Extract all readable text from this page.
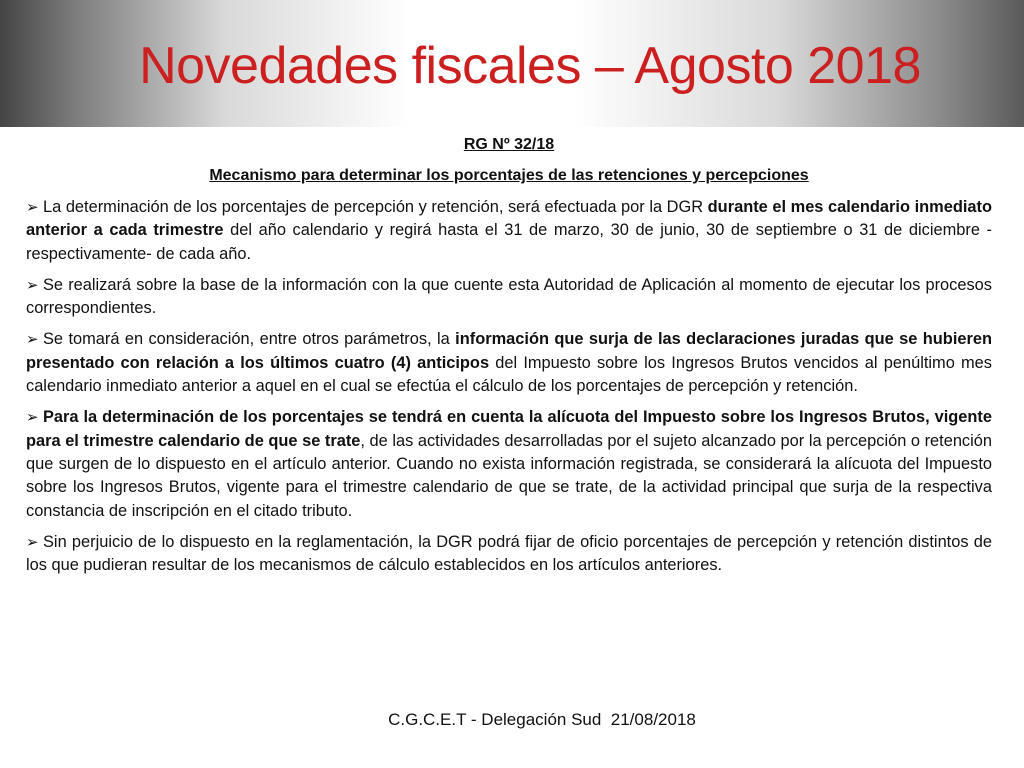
Novedades fiscales – Agosto 2018

RG Nº 32/18

Mecanismo para determinar los porcentajes de las retenciones y percepciones

➢ La determinación de los porcentajes de percepción y retención, será efectuada por la DGR durante el mes calendario inmediato anterior a cada trimestre del año calendario y regirá hasta el 31 de marzo, 30 de junio, 30 de septiembre o 31 de diciembre -respectivamente- de cada año.

➢ Se realizará sobre la base de la información con la que cuente esta Autoridad de Aplicación al momento de ejecutar los procesos correspondientes.

➢ Se tomará en consideración, entre otros parámetros, la información que surja de las declaraciones juradas que se hubieren presentado con relación a los últimos cuatro (4) anticipos del Impuesto sobre los Ingresos Brutos vencidos al penúltimo mes calendario inmediato anterior a aquel en el cual se efectúa el cálculo de los porcentajes de percepción y retención.

➢ Para la determinación de los porcentajes se tendrá en cuenta la alícuota del Impuesto sobre los Ingresos Brutos, vigente para el trimestre calendario de que se trate, de las actividades desarrolladas por el sujeto alcanzado por la percepción o retención que surgen de lo dispuesto en el artículo anterior. Cuando no exista información registrada, se considerará la alícuota del Impuesto sobre los Ingresos Brutos, vigente para el trimestre calendario de que se trate, de la actividad principal que surja de la respectiva constancia de inscripción en el citado tributo.

➢ Sin perjuicio de lo dispuesto en la reglamentación, la DGR podrá fijar de oficio porcentajes de percepción y retención distintos de los que pudieran resultar de los mecanismos de cálculo establecidos en los artículos anteriores.

C.G.C.E.T - Delegación Sud  21/08/2018
